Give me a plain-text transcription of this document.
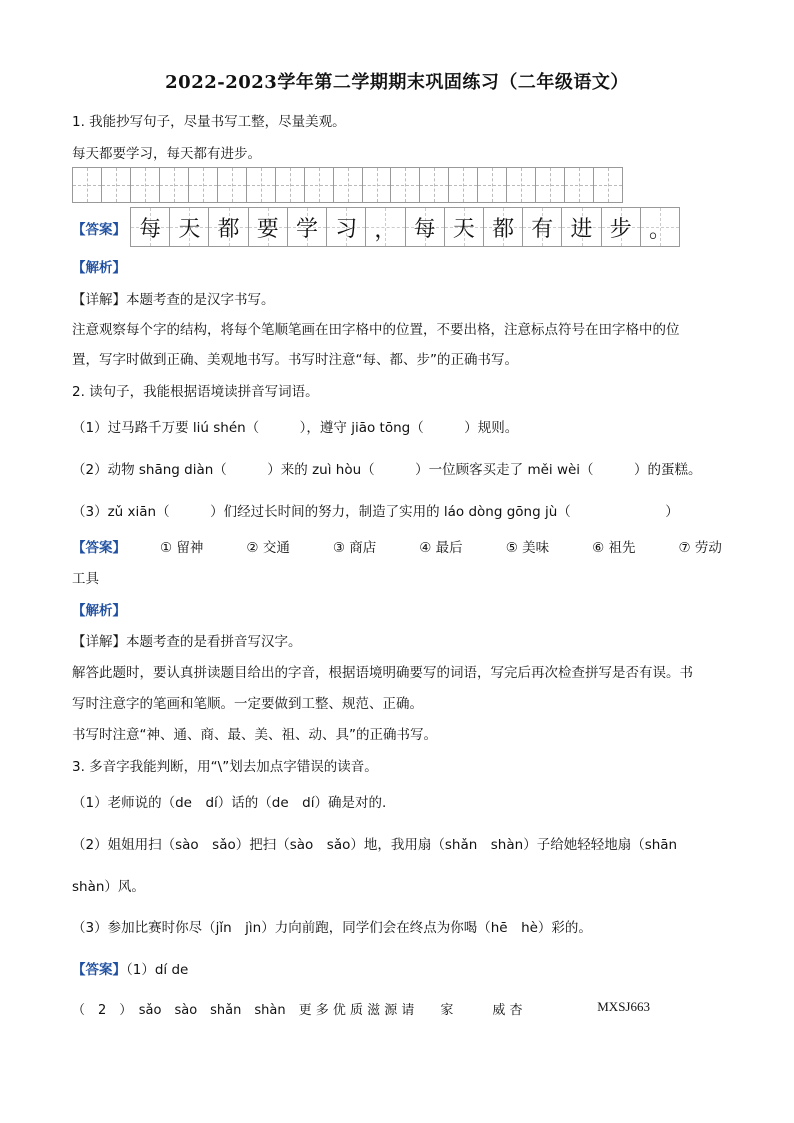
2022-2023学年第二学期期末巩固练习（二年级语文）
1. 我能抄写句子，尽量书写工整，尽量美观。
每天都要学习，每天都有进步。
【答案】 每 天 都 要 学 习 ， 每 天 都 有 进 步 。
【解析】
【详解】本题考查的是汉字书写。
注意观察每个字的结构，将每个笔顺笔画在田字格中的位置，不要出格，注意标点符号在田字格中的位
置，写字时做到正确、美观地书写。书写时注意“每、都、步”的正确书写。
2. 读句子，我能根据语境读拼音写词语。
（1）过马路千万要 liú shén（　　　），遵守 jiāo tōng（　　　）规则。
（2）动物 shāng diàn（　　　）来的 zuì hòu（　　　）一位顾客买走了 měi wèi（　　　）的蛋糕。
（3）zǔ xiān（　　　）们经过长时间的努力，制造了实用的 láo dòng gōng jù（　　　　　　　）
【答案】	① 留神	② 交通	③ 商店	④ 最后	⑤ 美味	⑥ 祖先	⑦ 劳动
工具
【解析】
【详解】本题考查的是看拼音写汉字。
解答此题时，要认真拼读题目给出的字音，根据语境明确要写的词语，写完后再次检查拼写是否有误。书
写时注意字的笔画和笔顺。一定要做到工整、规范、正确。
书写时注意“神、通、商、最、美、祖、动、具”的正确书写。
3. 多音字我能判断，用“\”划去加点字错误的读音。
（1）老师说的（de　dí）话的（de　dí）确是对的.
（2）姐姐用扫（sào　sǎo）把扫（sào　sǎo）地，我用扇（shǎn　shàn）子给她轻轻地扇（shān
shàn）风。
（3）参加比赛时你尽（jǐn　jìn）力向前跑，同学们会在终点为你喝（hē　hè）彩的。
【答案】（1）dí de
（　2　）　sǎo　sào　shǎn　shàn　更 多 优 质 滋 源 请　　家　　　威 杏	MXSJ663
